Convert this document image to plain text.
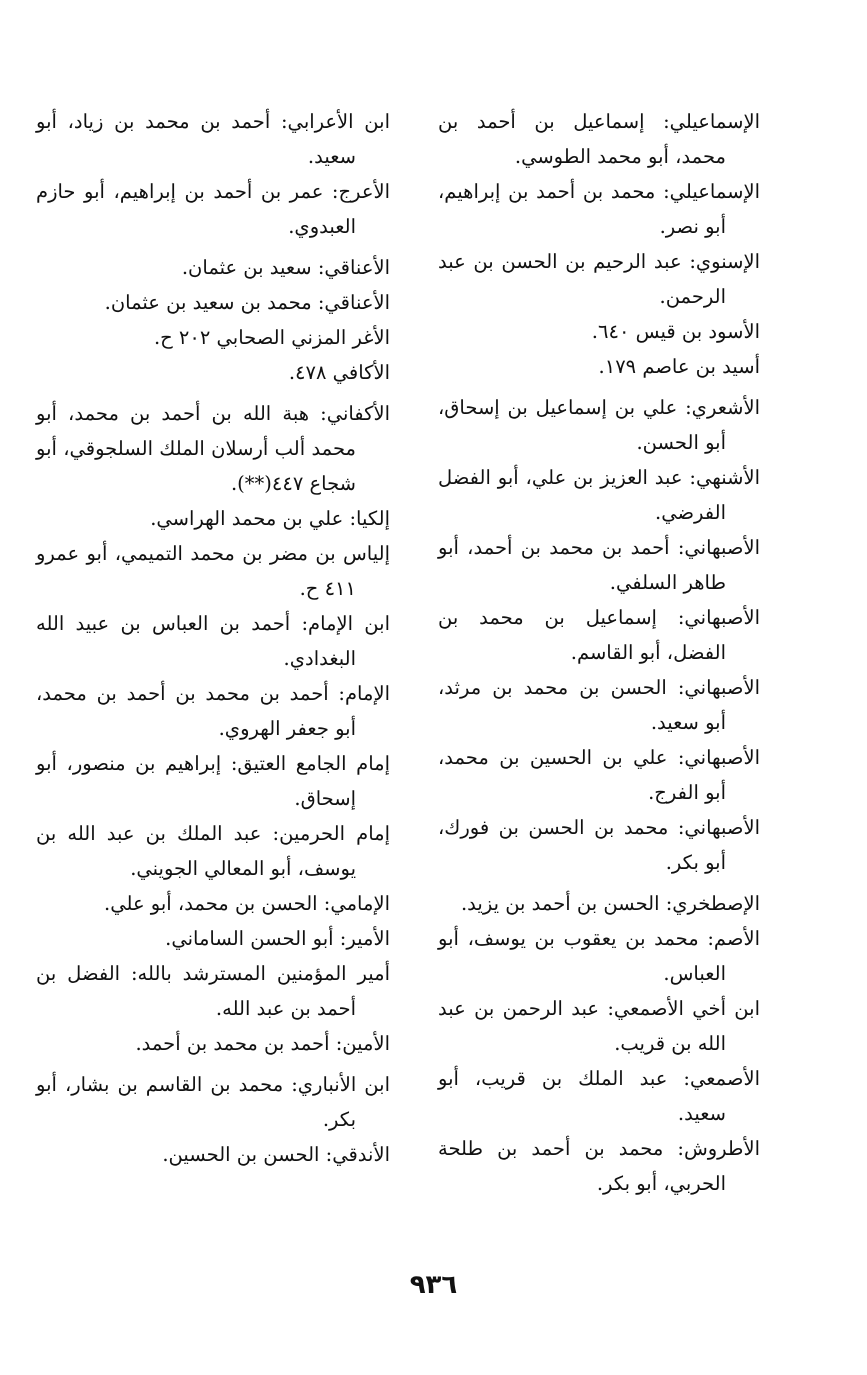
الإسماعيلي: إسماعيل بن أحمد بن محمد، أبو محمد الطوسي.
الإسماعيلي: محمد بن أحمد بن إبراهيم، أبو نصر.
الإسنوي: عبد الرحيم بن الحسن بن عبد الرحمن.
الأسود بن قيس ٦٤٠.
أسيد بن عاصم ١٧٩.
الأشعري: علي بن إسماعيل بن إسحاق، أبو الحسن.
الأشنهي: عبد العزيز بن علي، أبو الفضل الفرضي.
الأصبهاني: أحمد بن محمد بن أحمد، أبو طاهر السلفي.
الأصبهاني: إسماعيل بن محمد بن الفضل، أبو القاسم.
الأصبهاني: الحسن بن محمد بن مرثد، أبو سعيد.
الأصبهاني: علي بن الحسين بن محمد، أبو الفرج.
الأصبهاني: محمد بن الحسن بن فورك، أبو بكر.
الإصطخري: الحسن بن أحمد بن يزيد.
الأصم: محمد بن يعقوب بن يوسف، أبو العباس.
ابن أخي الأصمعي: عبد الرحمن بن عبد الله بن قريب.
الأصمعي: عبد الملك بن قريب، أبو سعيد.
الأطروش: محمد بن أحمد بن طلحة الحربي، أبو بكر.
ابن الأعرابي: أحمد بن محمد بن زياد، أبو سعيد.
الأعرج: عمر بن أحمد بن إبراهيم، أبو حازم العبدوي.
الأعناقي: سعيد بن عثمان.
الأعناقي: محمد بن سعيد بن عثمان.
الأغر المزني الصحابي ٢٠٢ ح.
الأكافي ٤٧٨.
الأكفاني: هبة الله بن أحمد بن محمد، أبو محمد ألب أرسلان الملك السلجوقي، أبو شجاع ٤٤٧(**).
إلكيا: علي بن محمد الهراسي.
إلياس بن مضر بن محمد التميمي، أبو عمرو ٤١١ ح.
ابن الإمام: أحمد بن العباس بن عبيد الله البغدادي.
الإمام: أحمد بن محمد بن أحمد بن محمد، أبو جعفر الهروي.
إمام الجامع العتيق: إبراهيم بن منصور، أبو إسحاق.
إمام الحرمين: عبد الملك بن عبد الله بن يوسف، أبو المعالي الجويني.
الإمامي: الحسن بن محمد، أبو علي.
الأمير: أبو الحسن الساماني.
أمير المؤمنين المسترشد بالله: الفضل بن أحمد بن عبد الله.
الأمين: أحمد بن محمد بن أحمد.
ابن الأنباري: محمد بن القاسم بن بشار، أبو بكر.
الأندقي: الحسن بن الحسين.
٩٣٦
